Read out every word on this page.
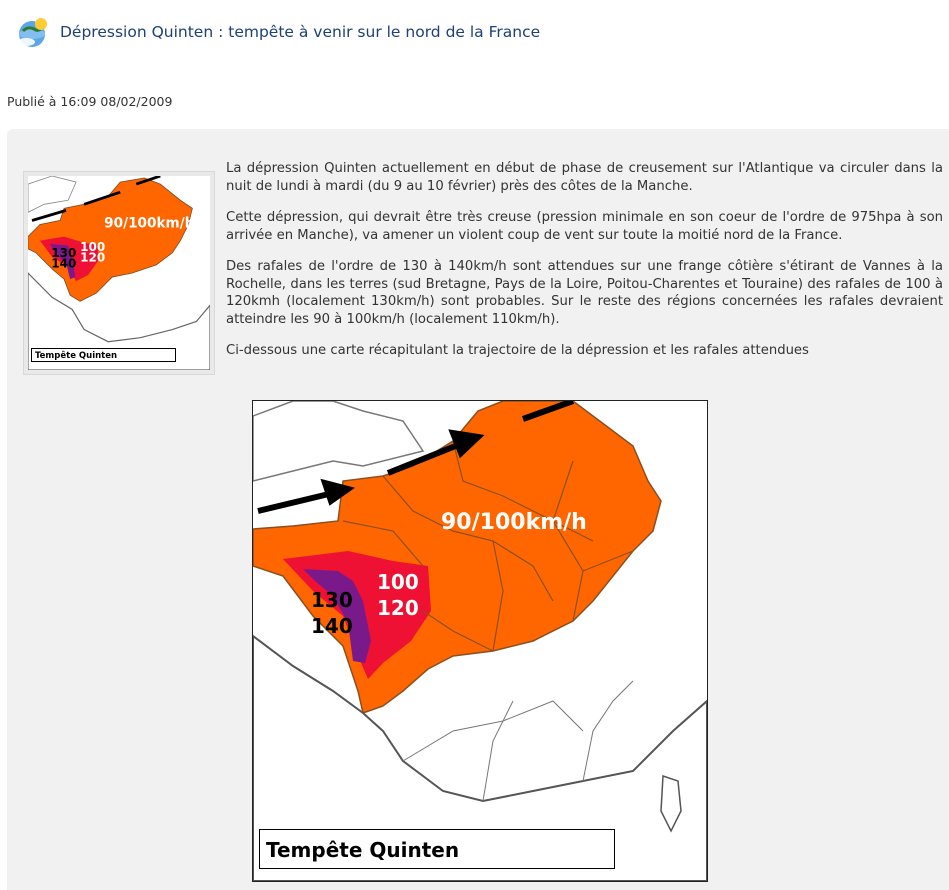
Dépression Quinten : tempête à venir sur le nord de la France
Publié à 16:09 08/02/2009
90/100km/h
100
120
130
140
Tempête Quinten

La dépression Quinten actuellement en début de phase de creusement sur l'Atlantique va circuler dans la nuit de lundi à mardi (du 9 au 10 février) près des côtes de la Manche.

Cette dépression, qui devrait être très creuse (pression minimale en son coeur de l'ordre de 975hpa à son arrivée en Manche), va amener un violent coup de vent sur toute la moitié nord de la France.

Des rafales de l'ordre de 130 à 140km/h sont attendues sur une frange côtière s'étirant de Vannes à la Rochelle, dans les terres (sud Bretagne, Pays de la Loire, Poitou-Charentes et Touraine) des rafales de 100 à 120kmh (localement 130km/h) sont probables. Sur le reste des régions concernées les rafales devraient atteindre les 90 à 100km/h (localement 110km/h).

Ci-dessous une carte récapitulant la trajectoire de la dépression et les rafales attendues

90/100km/h
100
120
130
140
Tempête Quinten
